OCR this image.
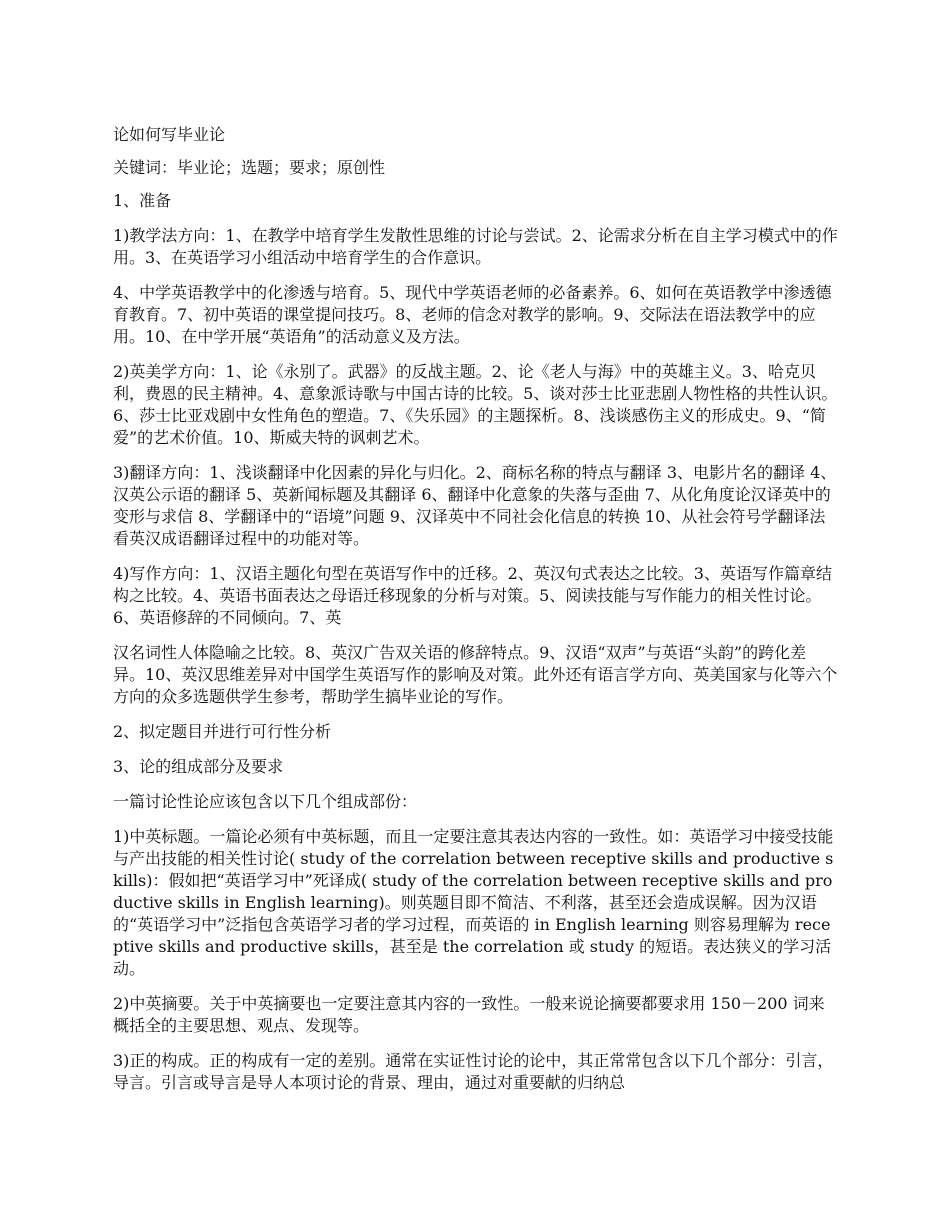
论如何写毕业论

关键词：毕业论；选题；要求；原创性

1、准备

1)教学法方向：1、在教学中培育学生发散性思维的讨论与尝试。2、论需求分析在自主学习模式中的作用。3、在英语学习小组活动中培育学生的合作意识。

4、中学英语教学中的化渗透与培育。5、现代中学英语老师的必备素养。6、如何在英语教学中渗透德育教育。7、初中英语的课堂提问技巧。8、老师的信念对教学的影响。9、交际法在语法教学中的应用。10、在中学开展“英语角”的活动意义及方法。

2)英美学方向：1、论《永别了。武器》的反战主题。2、论《老人与海》中的英雄主义。3、哈克贝利，费恩的民主精神。4、意象派诗歌与中国古诗的比较。5、谈对莎士比亚悲剧人物性格的共性认识。6、莎士比亚戏剧中女性角色的塑造。7、《失乐园》的主题探析。8、浅谈感伤主义的形成史。9、“简爱”的艺术价值。10、斯威夫特的讽刺艺术。

3)翻译方向：1、浅谈翻译中化因素的异化与归化。2、商标名称的特点与翻译 3、电影片名的翻译 4、汉英公示语的翻译 5、英新闻标题及其翻译 6、翻译中化意象的失落与歪曲 7、从化角度论汉译英中的变形与求信 8、学翻译中的“语境”问题 9、汉译英中不同社会化信息的转换 10、从社会符号学翻译法看英汉成语翻译过程中的功能对等。

4)写作方向：1、汉语主题化句型在英语写作中的迁移。2、英汉句式表达之比较。3、英语写作篇章结构之比较。4、英语书面表达之母语迁移现象的分析与对策。5、阅读技能与写作能力的相关性讨论。6、英语修辞的不同倾向。7、英

汉名词性人体隐喻之比较。8、英汉广告双关语的修辞特点。9、汉语“双声”与英语“头韵”的跨化差异。10、英汉思维差异对中国学生英语写作的影响及对策。此外还有语言学方向、英美国家与化等六个方向的众多选题供学生参考，帮助学生搞毕业论的写作。

2、拟定题目并进行可行性分析

3、论的组成部分及要求

一篇讨论性论应该包含以下几个组成部份：

1)中英标题。一篇论必须有中英标题，而且一定要注意其表达内容的一致性。如：英语学习中接受技能与产出技能的相关性讨论( study of the correlation between receptive skills and productive skills)：假如把“英语学习中”死译成( study of the correlation between receptive skills and productive skills in English learning)。则英题目即不简洁、不利落，甚至还会造成误解。因为汉语的“英语学习中”泛指包含英语学习者的学习过程，而英语的 in English learning 则容易理解为 receptive skills and productive skills，甚至是 the correlation 或 study 的短语。表达狭义的学习活动。

2)中英摘要。关于中英摘要也一定要注意其内容的一致性。一般来说论摘要都要求用 150－200 词来概括全的主要思想、观点、发现等。

3)正的构成。正的构成有一定的差别。通常在实证性讨论的论中，其正常常包含以下几个部分：引言，导言。引言或导言是导人本项讨论的背景、理由，通过对重要献的归纳总
